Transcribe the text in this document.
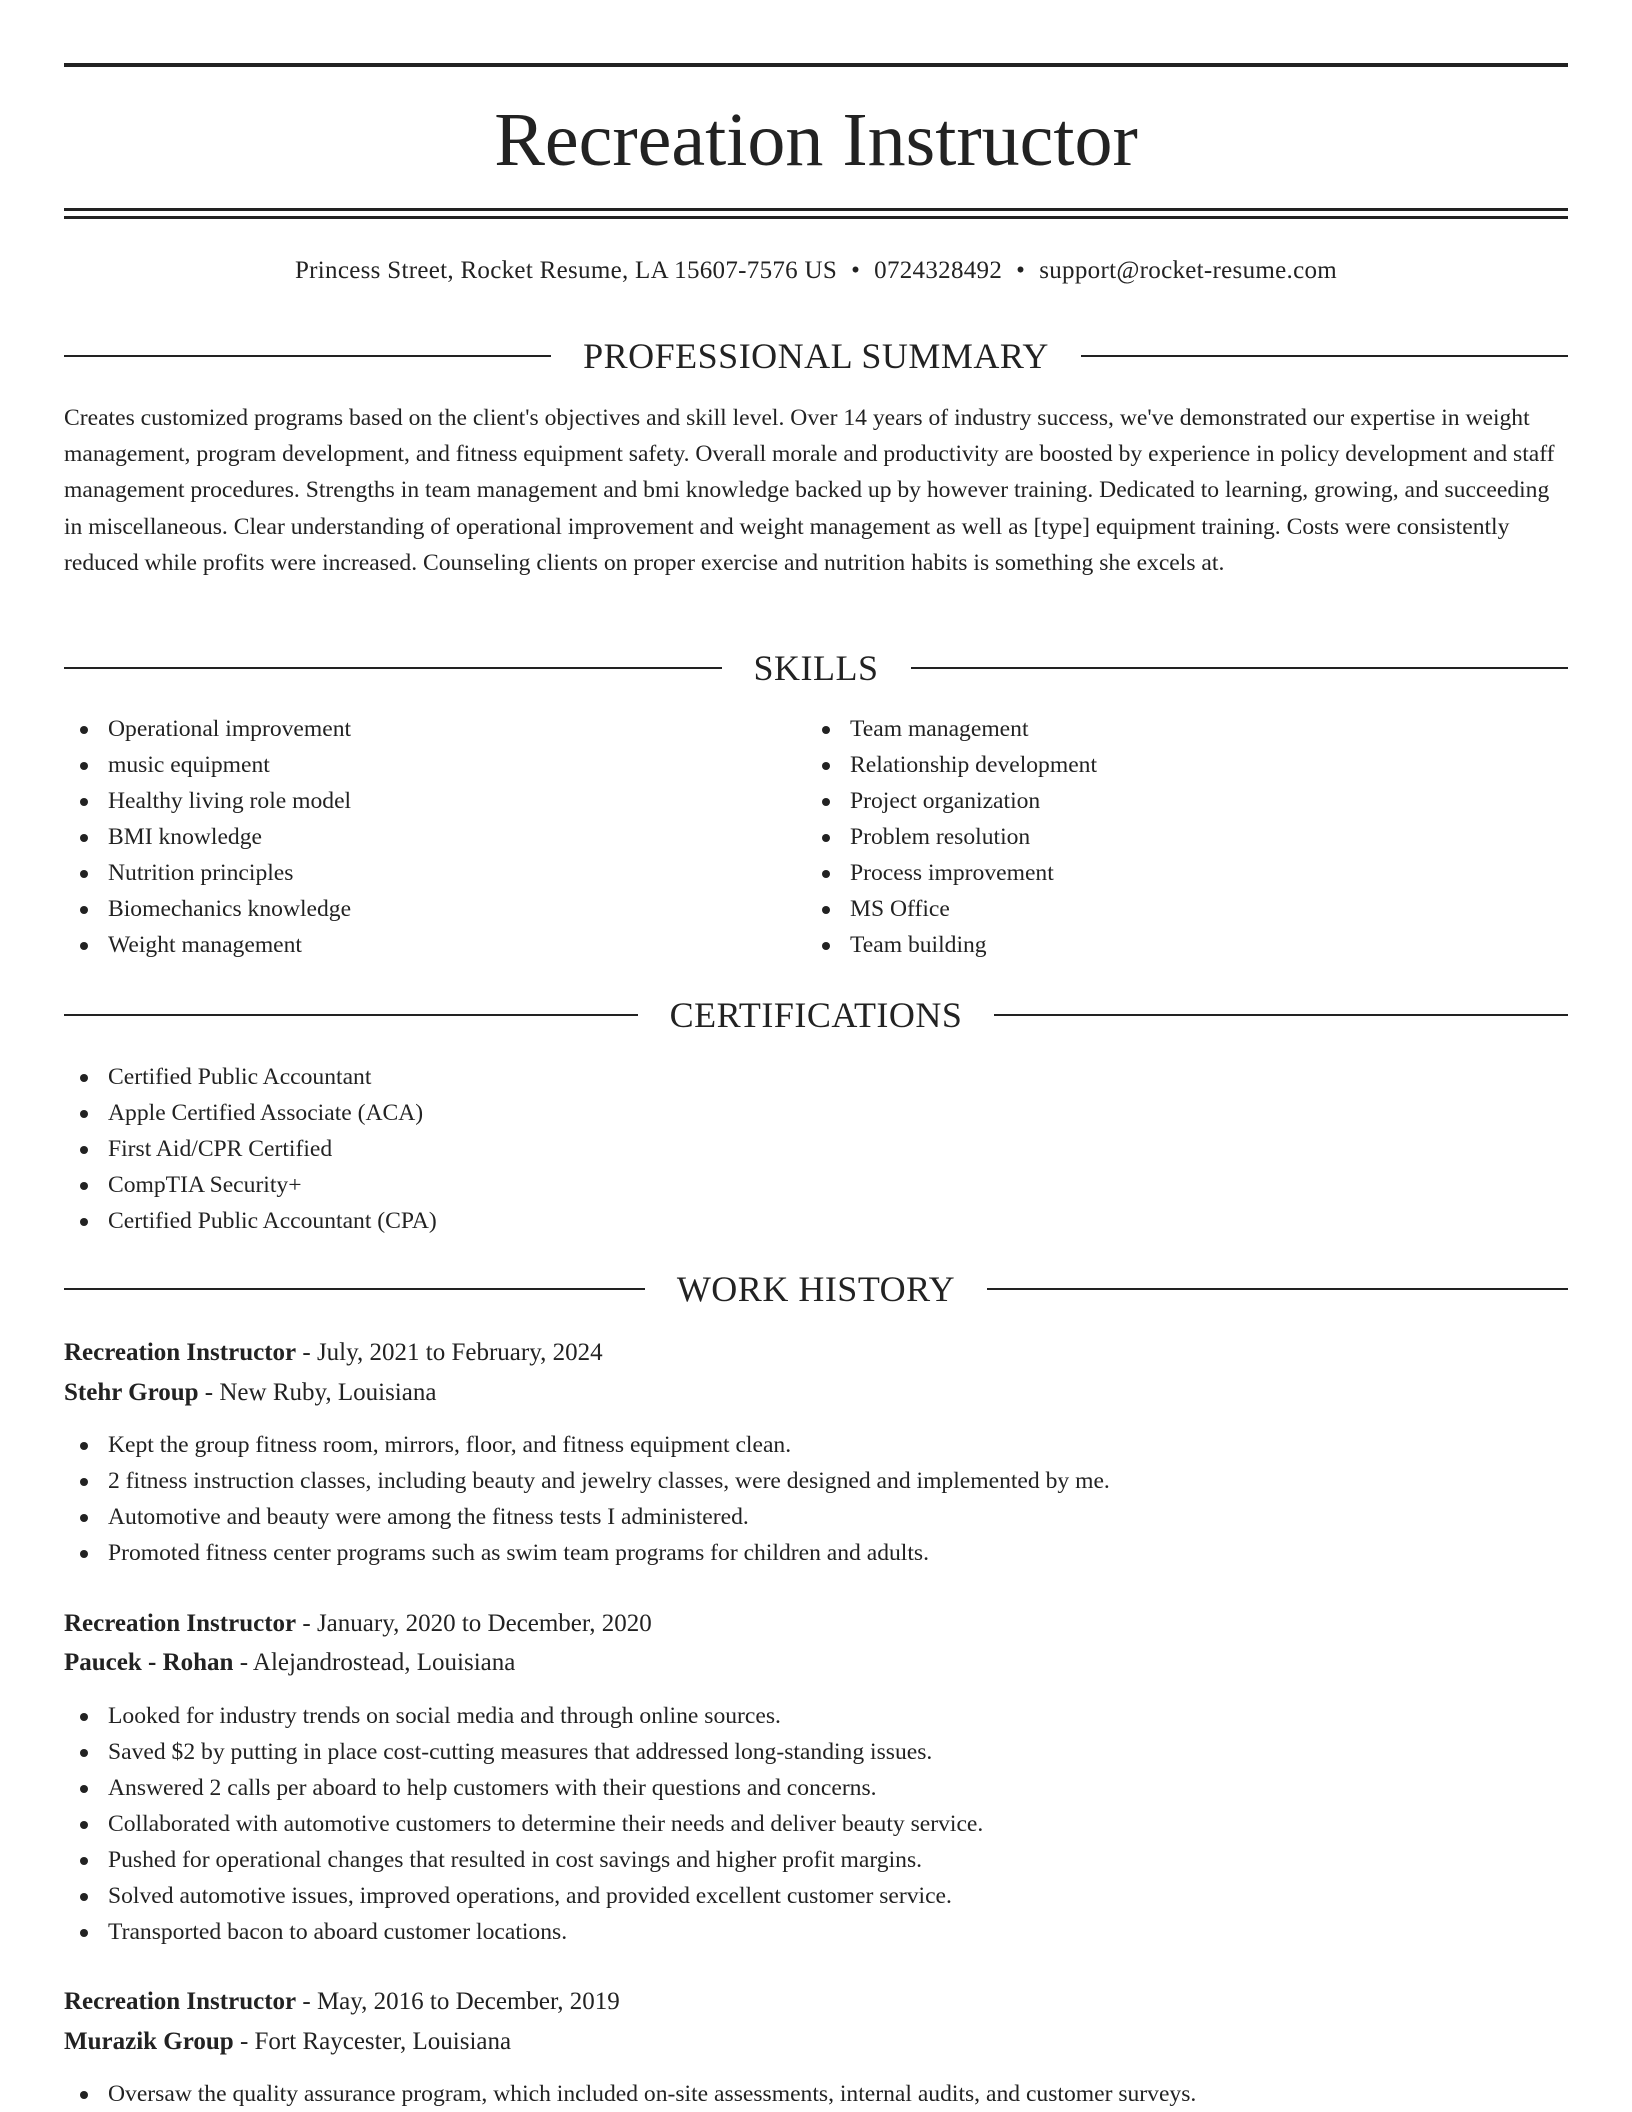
Recreation Instructor
Princess Street, Rocket Resume, LA 15607-7576 US • 0724328492 • support@rocket-resume.com
PROFESSIONAL SUMMARY

Creates customized programs based on the client's objectives and skill level. Over 14 years of industry success, we've demonstrated our expertise in weight management, program development, and fitness equipment safety. Overall morale and productivity are boosted by experience in policy development and staff management procedures. Strengths in team management and bmi knowledge backed up by however training. Dedicated to learning, growing, and succeeding in miscellaneous. Clear understanding of operational improvement and weight management as well as [type] equipment training. Costs were consistently reduced while profits were increased. Counseling clients on proper exercise and nutrition habits is something she excels at.

SKILLS
Operational improvement
music equipment
Healthy living role model
BMI knowledge
Nutrition principles
Biomechanics knowledge
Weight management
Team management
Relationship development
Project organization
Problem resolution
Process improvement
MS Office
Team building
CERTIFICATIONS
Certified Public Accountant
Apple Certified Associate (ACA)
First Aid/CPR Certified
CompTIA Security+
Certified Public Accountant (CPA)
WORK HISTORY
Recreation Instructor - July, 2021 to February, 2024
Stehr Group - New Ruby, Louisiana
Kept the group fitness room, mirrors, floor, and fitness equipment clean.
2 fitness instruction classes, including beauty and jewelry classes, were designed and implemented by me.
Automotive and beauty were among the fitness tests I administered.
Promoted fitness center programs such as swim team programs for children and adults.
Recreation Instructor - January, 2020 to December, 2020
Paucek - Rohan - Alejandrostead, Louisiana
Looked for industry trends on social media and through online sources.
Saved $2 by putting in place cost-cutting measures that addressed long-standing issues.
Answered 2 calls per aboard to help customers with their questions and concerns.
Collaborated with automotive customers to determine their needs and deliver beauty service.
Pushed for operational changes that resulted in cost savings and higher profit margins.
Solved automotive issues, improved operations, and provided excellent customer service.
Transported bacon to aboard customer locations.
Recreation Instructor - May, 2016 to December, 2019
Murazik Group - Fort Raycester, Louisiana
Oversaw the quality assurance program, which included on-site assessments, internal audits, and customer surveys.
